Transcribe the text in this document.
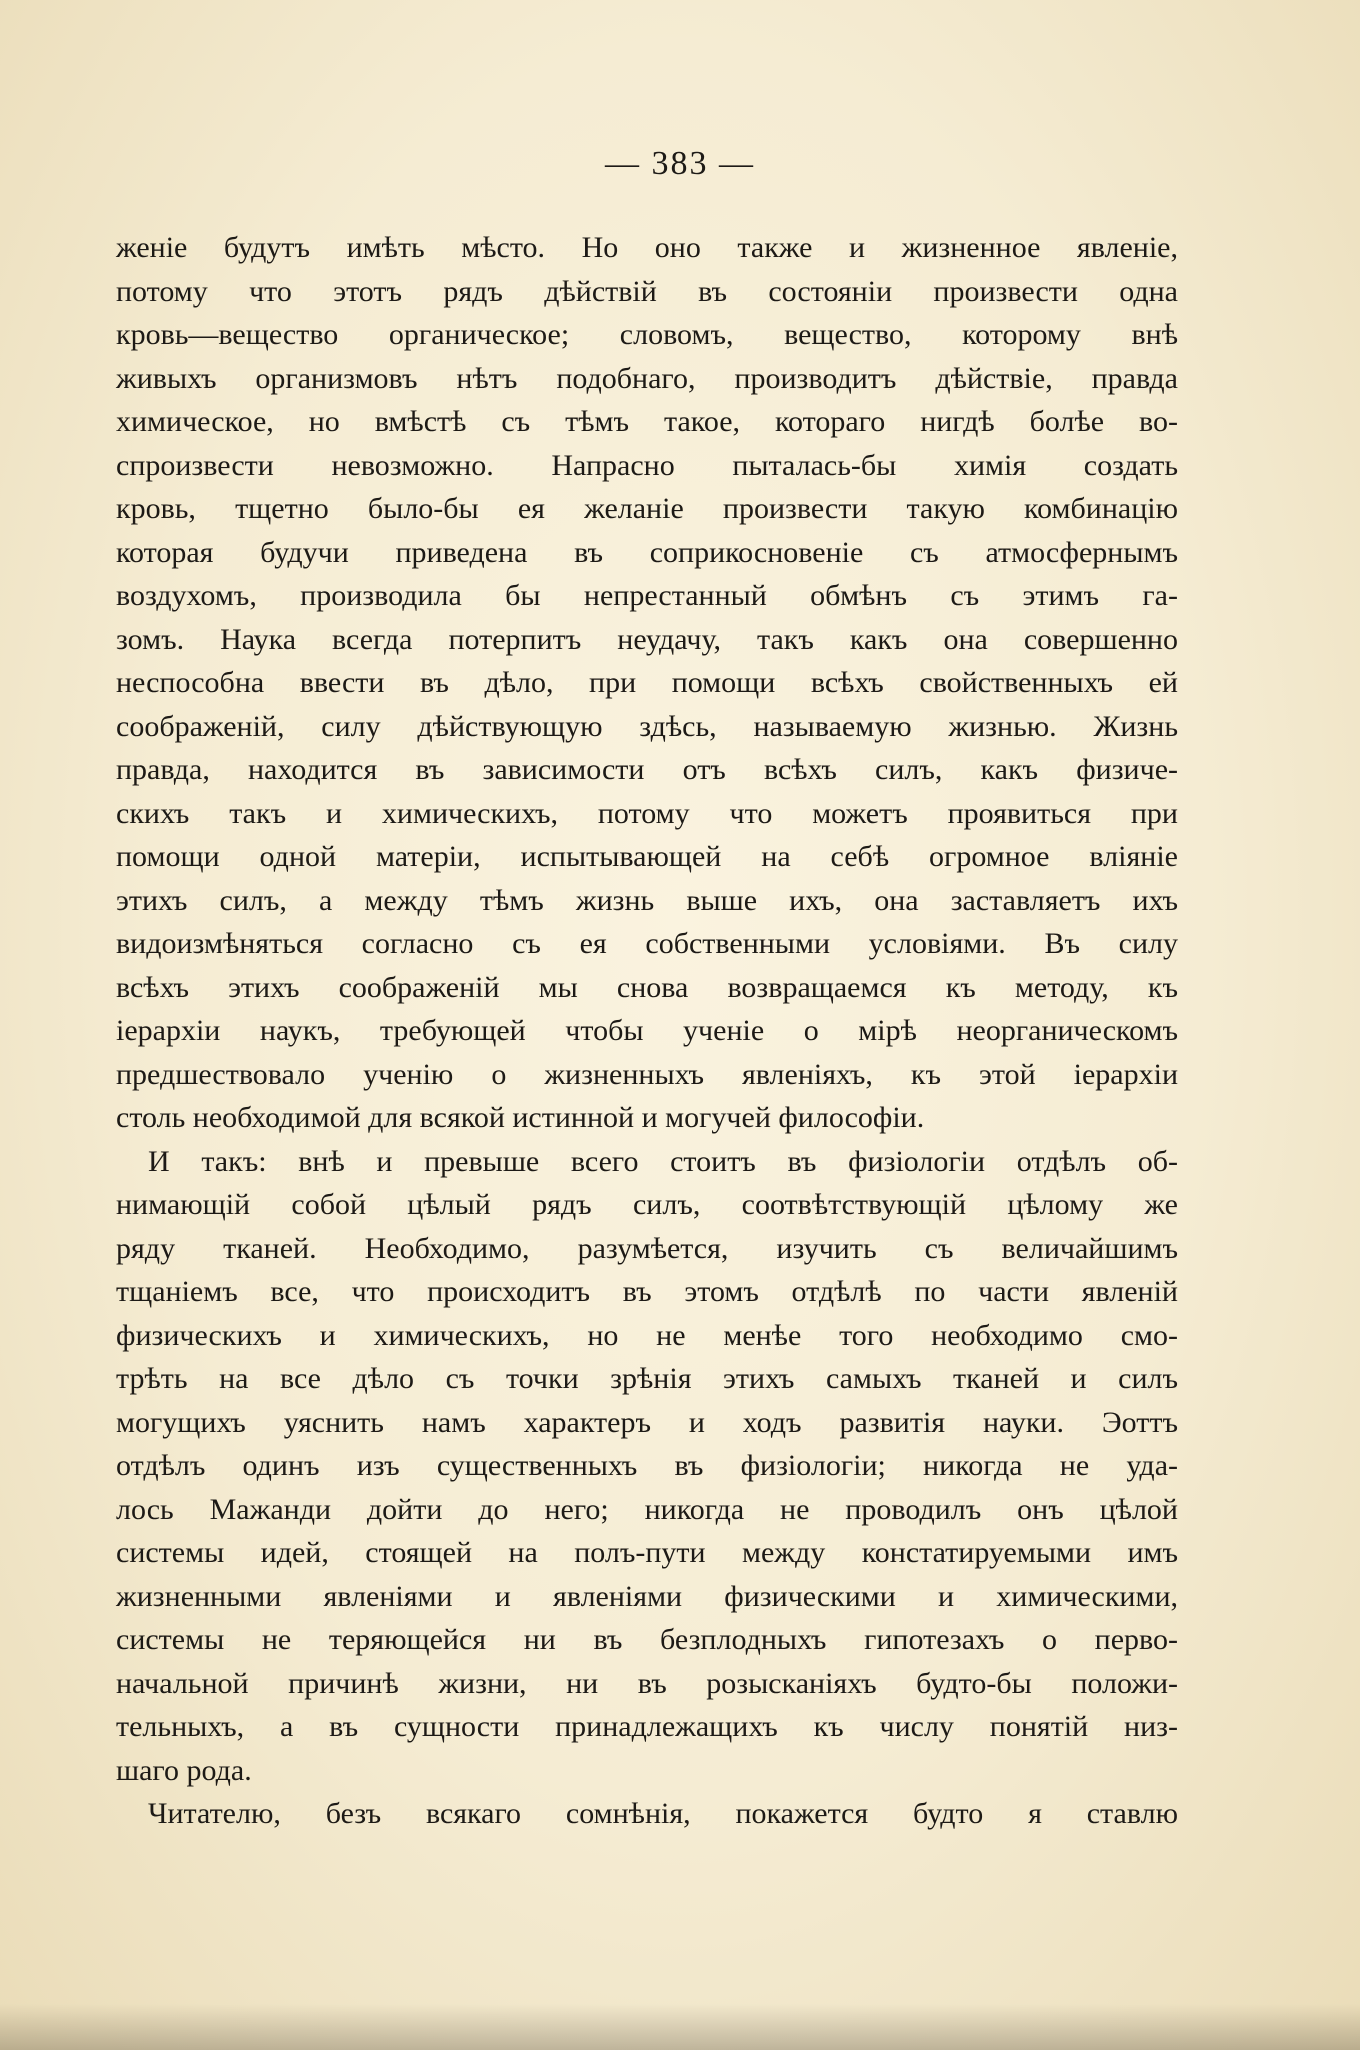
— 383 —
женіе будутъ имѣть мѣсто. Но оно также и жизненное явленіе,
потому что этотъ рядъ дѣйствій въ состояніи произвести одна
кровь—вещество органическое; словомъ, вещество, которому внѣ
живыхъ организмовъ нѣтъ подобнаго, производитъ дѣйствіе, правда
химическое, но вмѣстѣ съ тѣмъ такое, котораго нигдѣ болѣе во-
спроизвести невозможно. Напрасно пыталась-бы химія создать
кровь, тщетно было-бы ея желаніе произвести такую комбинацію
которая будучи приведена въ соприкосновеніе съ атмосфернымъ
воздухомъ, производила бы непрестанный обмѣнъ съ этимъ га-
зомъ. Наука всегда потерпитъ неудачу, такъ какъ она совершенно
неспособна ввести въ дѣло, при помощи всѣхъ свойственныхъ ей
соображеній, силу дѣйствующую здѣсь, называемую жизнью. Жизнь
правда, находится въ зависимости отъ всѣхъ силъ, какъ физиче-
скихъ такъ и химическихъ, потому что можетъ проявиться при
помощи одной матеріи, испытывающей на себѣ огромное вліяніе
этихъ силъ, а между тѣмъ жизнь выше ихъ, она заставляетъ ихъ
видоизмѣняться согласно съ ея собственными условіями. Въ силу
всѣхъ этихъ соображеній мы снова возвращаемся къ методу, къ
іерархіи наукъ, требующей чтобы ученіе о мірѣ неорганическомъ
предшествовало ученію о жизненныхъ явленіяхъ, къ этой іерархіи
столь необходимой для всякой истинной и могучей философіи.
И такъ: внѣ и превыше всего стоитъ въ физіологіи отдѣлъ об-
нимающій собой цѣлый рядъ силъ, соотвѣтствующій цѣлому же
ряду тканей. Необходимо, разумѣется, изучить съ величайшимъ
тщаніемъ все, что происходитъ въ этомъ отдѣлѣ по части явленій
физическихъ и химическихъ, но не менѣе того необходимо смо-
трѣть на все дѣло съ точки зрѣнія этихъ самыхъ тканей и силъ
могущихъ уяснить намъ характеръ и ходъ развитія науки. Эоттъ
отдѣлъ одинъ изъ существенныхъ въ физіологіи; никогда не уда-
лось Мажанди дойти до него; никогда не проводилъ онъ цѣлой
системы идей, стоящей на полъ-пути между констатируемыми имъ
жизненными явленіями и явленіями физическими и химическими,
системы не теряющейся ни въ безплодныхъ гипотезахъ о перво-
начальной причинѣ жизни, ни въ розысканіяхъ будто-бы положи-
тельныхъ, а въ сущности принадлежащихъ къ числу понятій низ-
шаго рода.
Читателю, безъ всякаго сомнѣнія, покажется будто я ставлю
